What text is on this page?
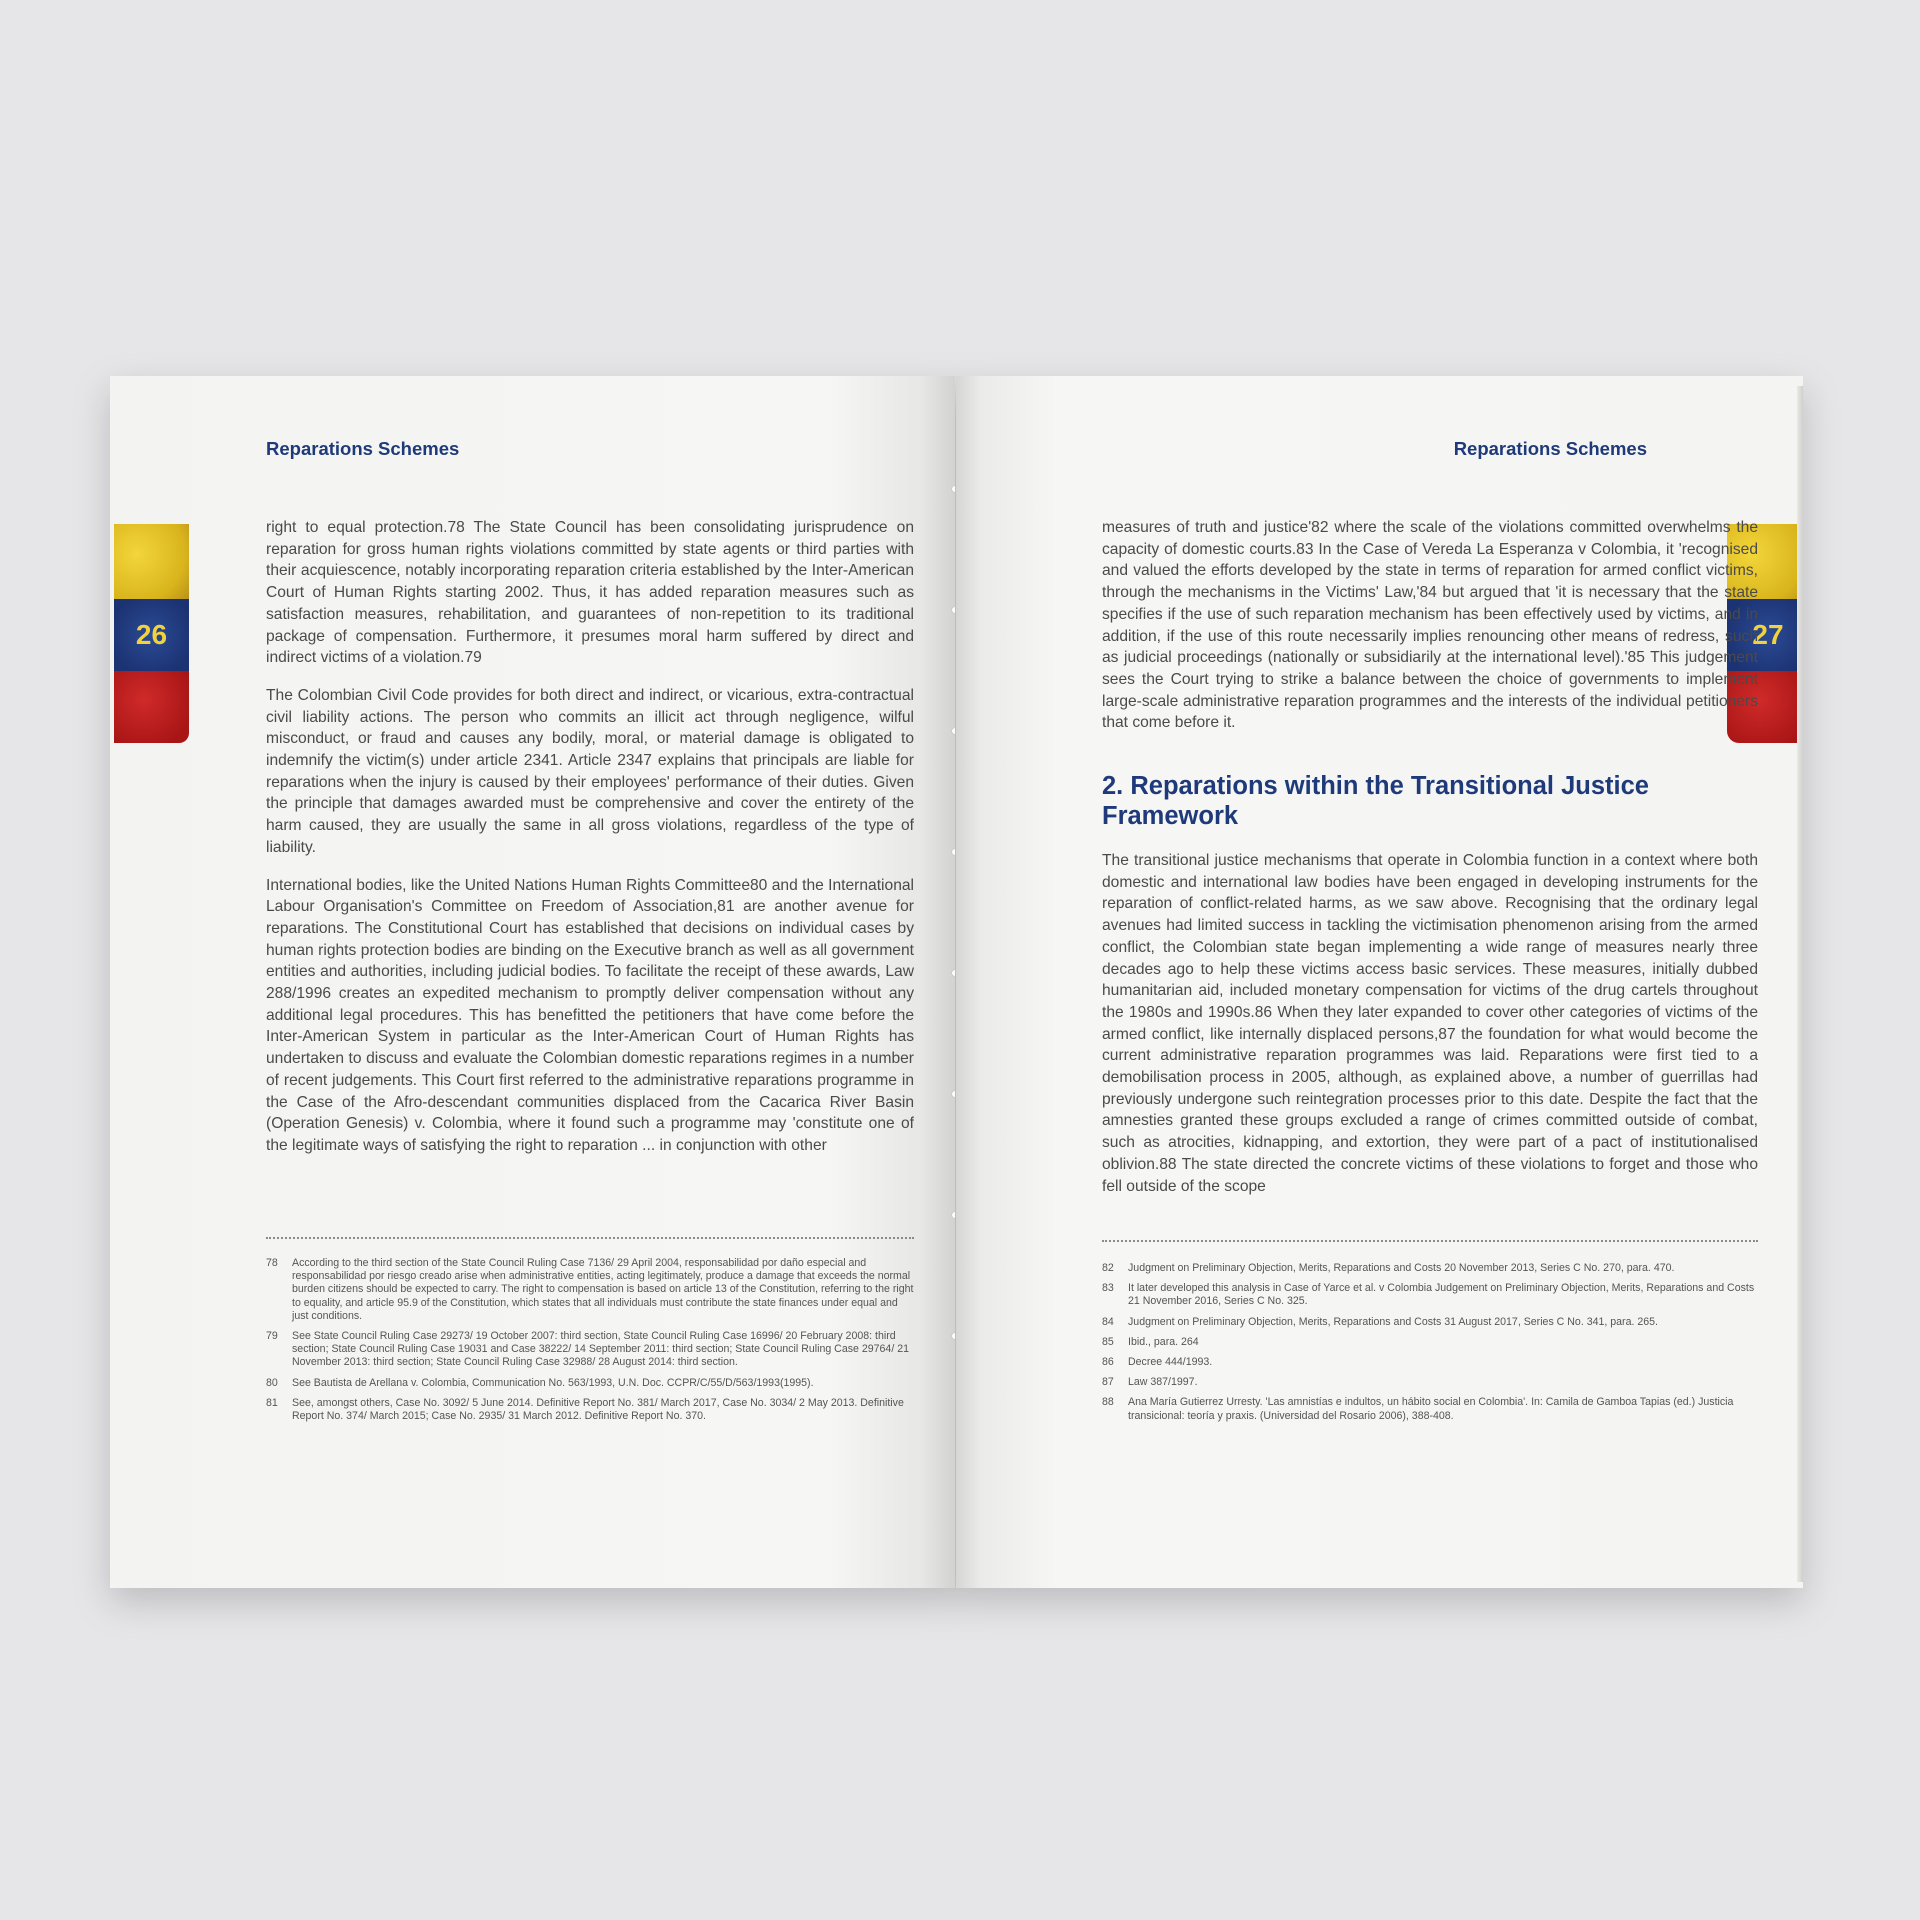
Reparations Schemes
26

right to equal protection.78 The State Council has been consolidating jurisprudence on reparation for gross human rights violations committed by state agents or third parties with their acquiescence, notably incorporating reparation criteria established by the Inter-American Court of Human Rights starting 2002. Thus, it has added reparation measures such as satisfaction measures, rehabilitation, and guarantees of non-repetition to its traditional package of compensation. Furthermore, it presumes moral harm suffered by direct and indirect victims of a violation.79

The Colombian Civil Code provides for both direct and indirect, or vicarious, extra-contractual civil liability actions. The person who commits an illicit act through negligence, wilful misconduct, or fraud and causes any bodily, moral, or material damage is obligated to indemnify the victim(s) under article 2341. Article 2347 explains that principals are liable for reparations when the injury is caused by their employees' performance of their duties. Given the principle that damages awarded must be comprehensive and cover the entirety of the harm caused, they are usually the same in all gross violations, regardless of the type of liability.

International bodies, like the United Nations Human Rights Committee80 and the International Labour Organisation's Committee on Freedom of Association,81 are another avenue for reparations. The Constitutional Court has established that decisions on individual cases by human rights protection bodies are binding on the Executive branch as well as all government entities and authorities, including judicial bodies. To facilitate the receipt of these awards, Law 288/1996 creates an expedited mechanism to promptly deliver compensation without any additional legal procedures. This has benefitted the petitioners that have come before the Inter-American System in particular as the Inter-American Court of Human Rights has undertaken to discuss and evaluate the Colombian domestic reparations regimes in a number of recent judgements. This Court first referred to the administrative reparations programme in the Case of the Afro-descendant communities displaced from the Cacarica River Basin (Operation Genesis) v. Colombia, where it found such a programme may 'constitute one of the legitimate ways of satisfying the right to reparation ... in conjunction with other

78	According to the third section of the State Council Ruling Case 7136/ 29 April 2004, responsabilidad por daño especial and responsabilidad por riesgo creado arise when administrative entities, acting legitimately, produce a damage that exceeds the normal burden citizens should be expected to carry. The right to compensation is based on article 13 of the Constitution, referring to the right to equality, and article 95.9 of the Constitution, which states that all individuals must contribute the state finances under equal and just conditions.
79	See State Council Ruling Case 29273/ 19 October 2007: third section, State Council Ruling Case 16996/ 20 February 2008: third section; State Council Ruling Case 19031 and Case 38222/ 14 September 2011: third section; State Council Ruling Case 29764/ 21 November 2013: third section; State Council Ruling Case 32988/ 28 August 2014: third section.
80	See Bautista de Arellana v. Colombia, Communication No. 563/1993, U.N. Doc. CCPR/C/55/D/563/1993(1995).
81	See, amongst others, Case No. 3092/ 5 June 2014. Definitive Report No. 381/ March 2017, Case No. 3034/ 2 May 2013. Definitive Report No. 374/ March 2015; Case No. 2935/ 31 March 2012. Definitive Report No. 370.
Reparations Schemes
27

measures of truth and justice'82 where the scale of the violations committed overwhelms the capacity of domestic courts.83 In the Case of Vereda La Esperanza v Colombia, it 'recognised and valued the efforts developed by the state in terms of reparation for armed conflict victims, through the mechanisms in the Victims' Law,'84 but argued that 'it is necessary that the state specifies if the use of such reparation mechanism has been effectively used by victims, and in addition, if the use of this route necessarily implies renouncing other means of redress, such as judicial proceedings (nationally or subsidiarily at the international level).'85 This judgement sees the Court trying to strike a balance between the choice of governments to implement large-scale administrative reparation programmes and the interests of the individual petitioners that come before it.

2. Reparations within the Transitional Justice Framework

The transitional justice mechanisms that operate in Colombia function in a context where both domestic and international law bodies have been engaged in developing instruments for the reparation of conflict-related harms, as we saw above. Recognising that the ordinary legal avenues had limited success in tackling the victimisation phenomenon arising from the armed conflict, the Colombian state began implementing a wide range of measures nearly three decades ago to help these victims access basic services. These measures, initially dubbed humanitarian aid, included monetary compensation for victims of the drug cartels throughout the 1980s and 1990s.86 When they later expanded to cover other categories of victims of the armed conflict, like internally displaced persons,87 the foundation for what would become the current administrative reparation programmes was laid. Reparations were first tied to a demobilisation process in 2005, although, as explained above, a number of guerrillas had previously undergone such reintegration processes prior to this date. Despite the fact that the amnesties granted these groups excluded a range of crimes committed outside of combat, such as atrocities, kidnapping, and extortion, they were part of a pact of institutionalised oblivion.88 The state directed the concrete victims of these violations to forget and those who fell outside of the scope

82	Judgment on Preliminary Objection, Merits, Reparations and Costs 20 November 2013, Series C No. 270, para. 470.
83	It later developed this analysis in Case of Yarce et al. v Colombia Judgement on Preliminary Objection, Merits, Reparations and Costs 21 November 2016, Series C No. 325.
84	Judgment on Preliminary Objection, Merits, Reparations and Costs 31 August 2017, Series C No. 341, para. 265.
85	Ibid., para. 264
86	Decree 444/1993.
87	Law 387/1997.
88	Ana María Gutierrez Urresty. 'Las amnistías e indultos, un hábito social en Colombia'. In: Camila de Gamboa Tapias (ed.) Justicia transicional: teoría y praxis. (Universidad del Rosario 2006), 388-408.
